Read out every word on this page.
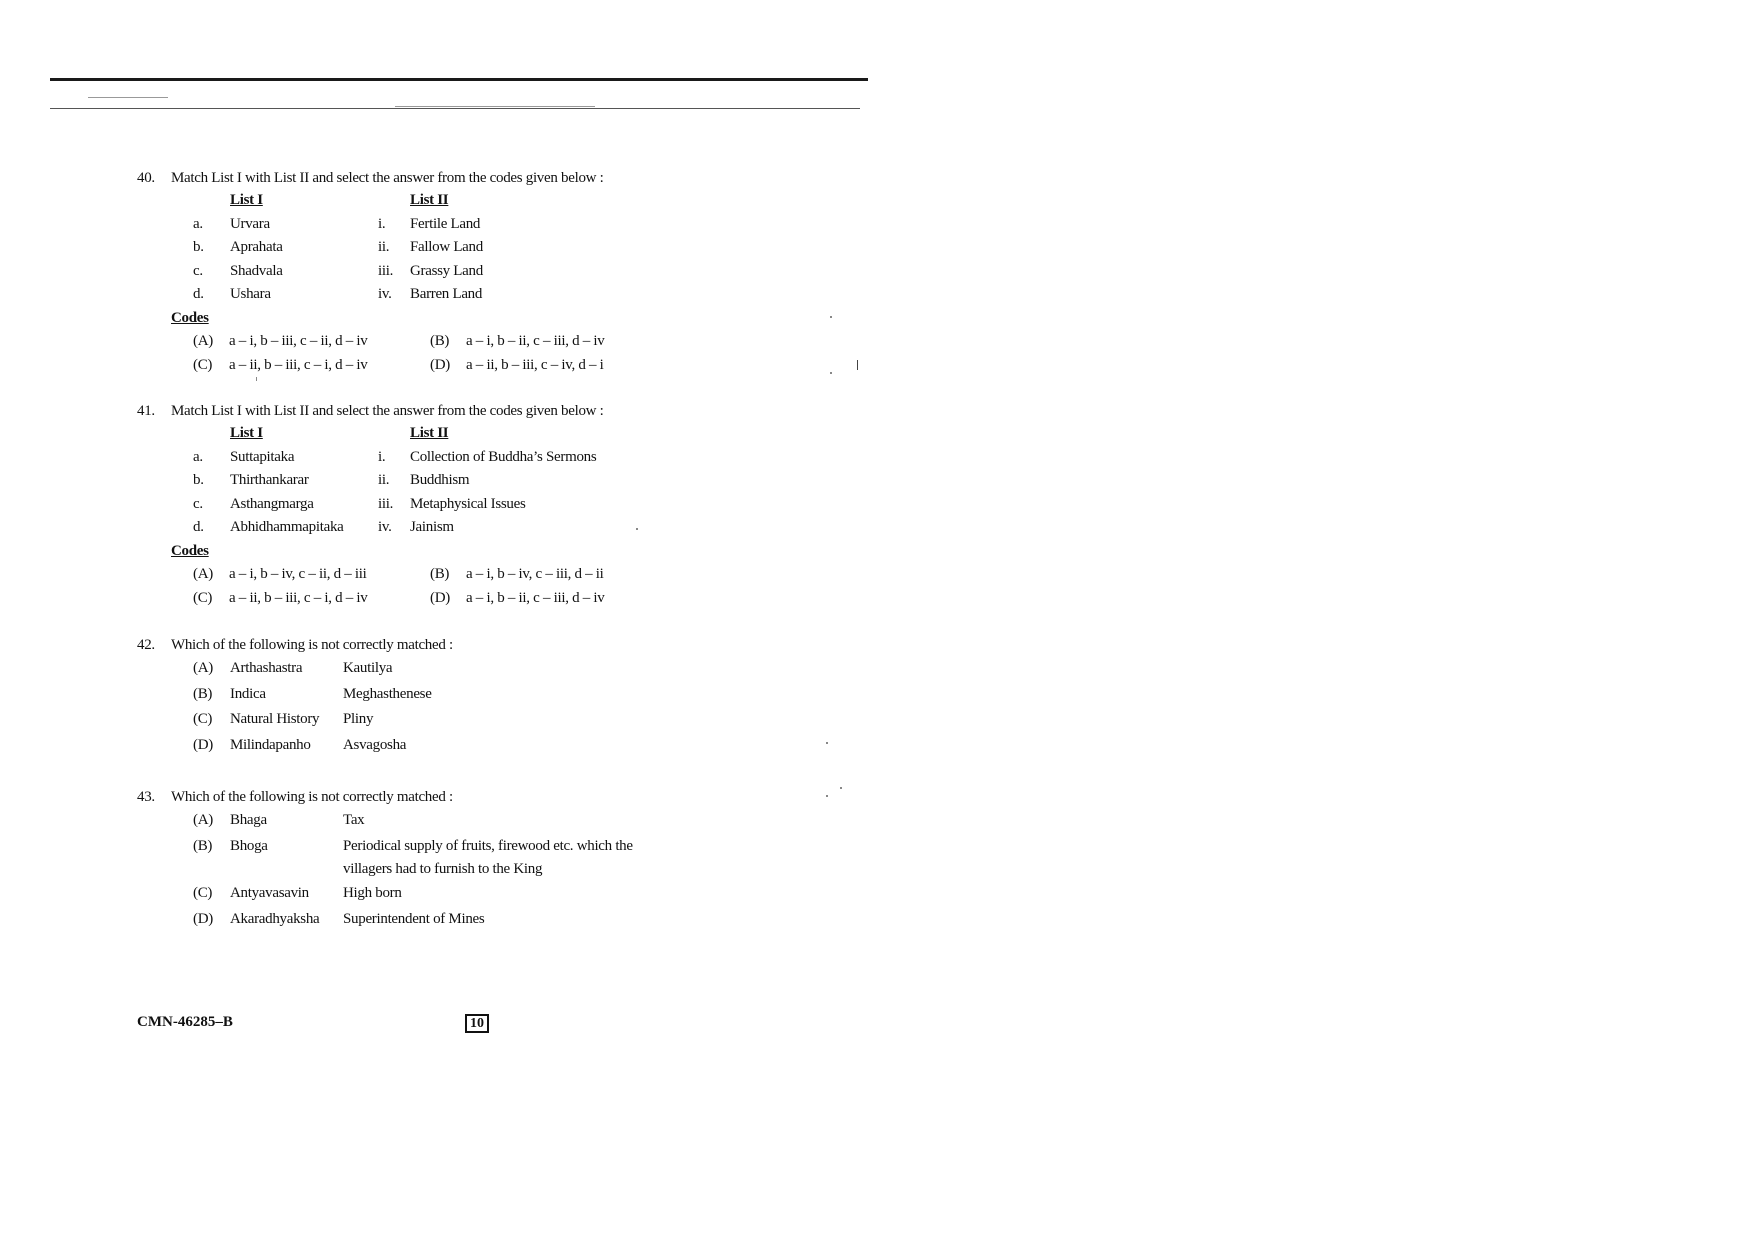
40. Match List I with List II and select the answer from the codes given below :
List I	List II
a. Urvara	i. Fertile Land
b. Aprahata	ii. Fallow Land
c. Shadvala	iii. Grassy Land
d. Ushara	iv. Barren Land
Codes
(A) a – i, b – iii, c – ii, d – iv	(B) a – i, b – ii, c – iii, d – iv
(C) a – ii, b – iii, c – i, d – iv	(D) a – ii, b – iii, c – iv, d – i
41. Match List I with List II and select the answer from the codes given below :
List I	List II
a. Suttapitaka	i. Collection of Buddha’s Sermons
b. Thirthankarar	ii. Buddhism
c. Asthangmarga	iii. Metaphysical Issues
d. Abhidhammapitaka iv. Jainism
Codes
(A) a – i, b – iv, c – ii, d – iii	(B) a – i, b – iv, c – iii, d – ii
(C) a – ii, b – iii, c – i, d – iv	(D) a – i, b – ii, c – iii, d – iv
42. Which of the following is not correctly matched :
(A) Arthashastra	Kautilya
(B) Indica	Meghasthenese
(C) Natural History Pliny
(D) Milindapanho Asvagosha
43. Which of the following is not correctly matched :
(A) Bhaga	Tax
(B) Bhoga	Periodical supply of fruits, firewood etc. which the
villagers had to furnish to the King
(C) Antyavasavin High born
(D) Akaradhyaksha Superintendent of Mines
CMN-46285–B	10
